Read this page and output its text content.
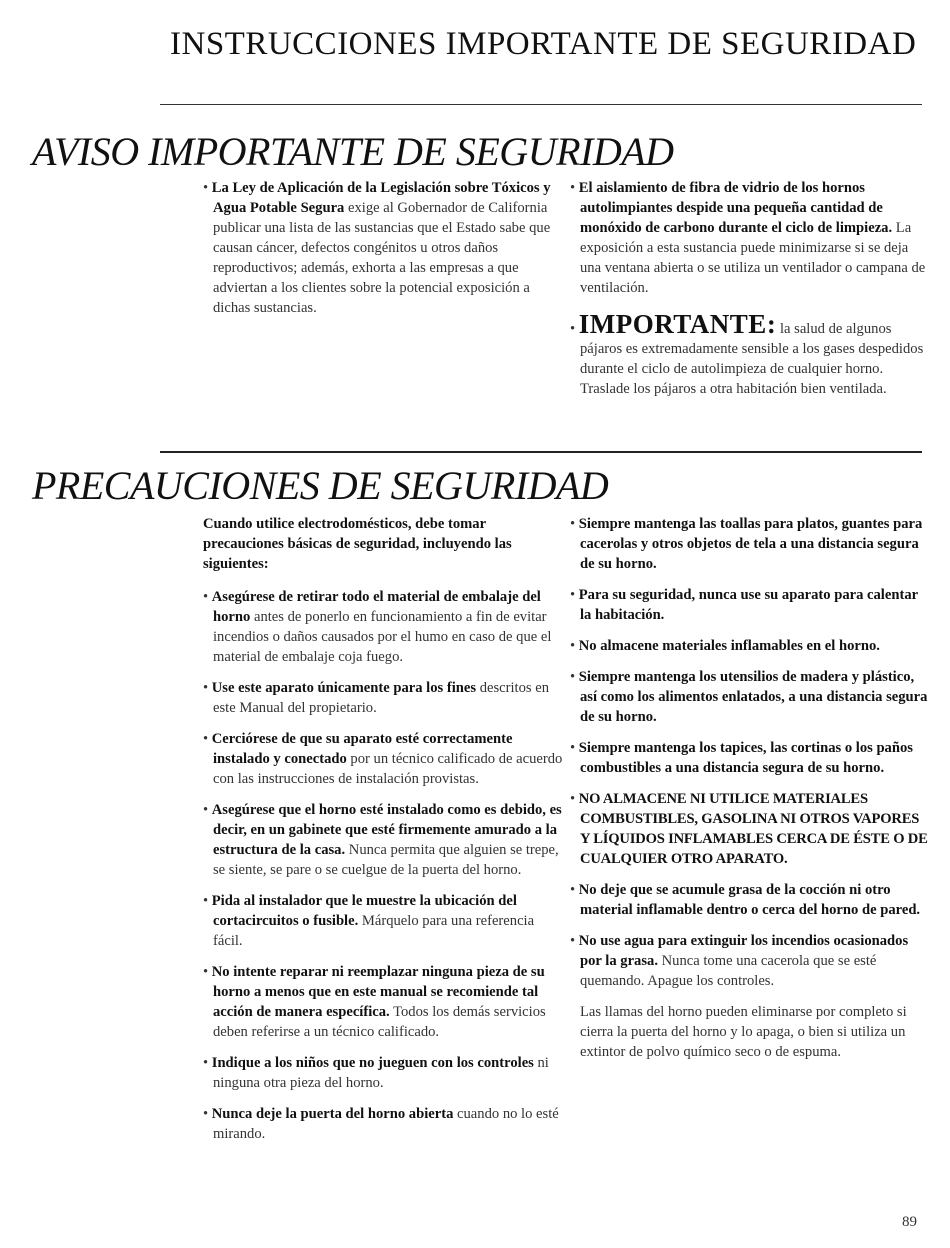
INSTRUCCIONES IMPORTANTE DE SEGURIDAD
AVISO IMPORTANTE DE SEGURIDAD

• La Ley de Aplicación de la Legislación sobre Tóxicos y Agua Potable Segura exige al Gobernador de California publicar una lista de las sustancias que el Estado sabe que causan cáncer, defectos congénitos u otros daños reproductivos; además, exhorta a las empresas a que adviertan a los clientes sobre la potencial exposición a dichas sustancias.

• El aislamiento de fibra de vidrio de los hornos autolimpiantes despide una pequeña cantidad de monóxido de carbono durante el ciclo de limpieza. La exposición a esta sustancia puede minimizarse si se deja una ventana abierta o se utiliza un ventilador o campana de ventilación.

• IMPORTANTE: la salud de algunos pájaros es extremadamente sensible a los gases despedidos durante el ciclo de autolimpieza de cualquier horno. Traslade los pájaros a otra habitación bien ventilada.

PRECAUCIONES DE SEGURIDAD

Cuando utilice electrodomésticos, debe tomar precauciones básicas de seguridad, incluyendo las siguientes:

• Asegúrese de retirar todo el material de embalaje del horno antes de ponerlo en funcionamiento a fin de evitar incendios o daños causados por el humo en caso de que el material de embalaje coja fuego.

• Use este aparato únicamente para los fines descritos en este Manual del propietario.

• Cerciórese de que su aparato esté correctamente instalado y conectado por un técnico calificado de acuerdo con las instrucciones de instalación provistas.

• Asegúrese que el horno esté instalado como es debido, es decir, en un gabinete que esté firmemente amurado a la estructura de la casa. Nunca permita que alguien se trepe, se siente, se pare o se cuelgue de la puerta del horno.

• Pida al instalador que le muestre la ubicación del cortacircuitos o fusible. Márquelo para una referencia fácil.

• No intente reparar ni reemplazar ninguna pieza de su horno a menos que en este manual se recomiende tal acción de manera específica. Todos los demás servicios deben referirse a un técnico calificado.

• Indique a los niños que no jueguen con los controles ni ninguna otra pieza del horno.

• Nunca deje la puerta del horno abierta cuando no lo esté mirando.

• Siempre mantenga las toallas para platos, guantes para cacerolas y otros objetos de tela a una distancia segura de su horno.

• Para su seguridad, nunca use su aparato para calentar la habitación.

• No almacene materiales inflamables en el horno.

• Siempre mantenga los utensilios de madera y plástico, así como los alimentos enlatados, a una distancia segura de su horno.

• Siempre mantenga los tapices, las cortinas o los paños combustibles a una distancia segura de su horno.

• NO ALMACENE NI UTILICE MATERIALES COMBUSTIBLES, GASOLINA NI OTROS VAPORES Y LÍQUIDOS INFLAMABLES CERCA DE ÉSTE O DE CUALQUIER OTRO APARATO.

• No deje que se acumule grasa de la cocción ni otro material inflamable dentro o cerca del horno de pared.

• No use agua para extinguir los incendios ocasionados por la grasa. Nunca tome una cacerola que se esté quemando. Apague los controles.

Las llamas del horno pueden eliminarse por completo si cierra la puerta del horno y lo apaga, o bien si utiliza un extintor de polvo químico seco o de espuma.

89
